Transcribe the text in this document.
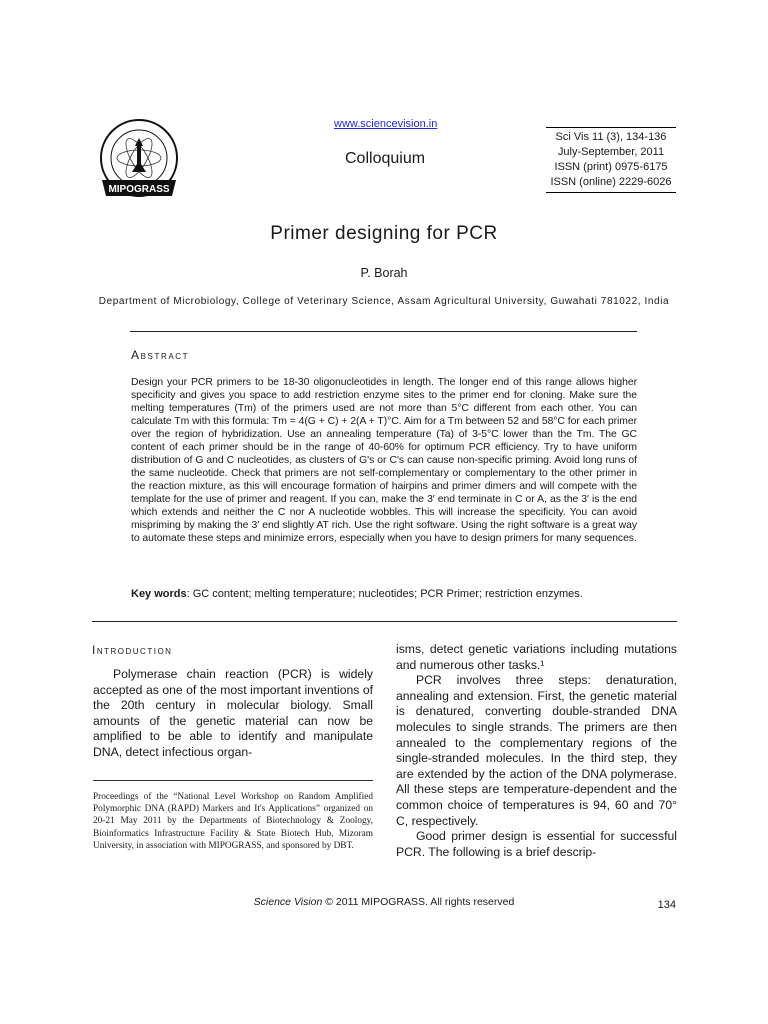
www.sciencevision.in
MIPOGRASS
Colloquium
Sci Vis 11 (3), 134-136
July-September, 2011
ISSN (print) 0975-6175
ISSN (online) 2229-6026
Primer designing for PCR
P. Borah
Department of Microbiology, College of Veterinary Science, Assam Agricultural University, Guwahati 781022, India
Abstract
Design your PCR primers to be 18-30 oligonucleotides in length. The longer end of this range allows higher specificity and gives you space to add restriction enzyme sites to the primer end for cloning. Make sure the melting temperatures (Tm) of the primers used are not more than 5°C different from each other. You can calculate Tm with this formula: Tm = 4(G + C) + 2(A + T)°C. Aim for a Tm between 52 and 58°C for each primer over the region of hybridization. Use an annealing temperature (Ta) of 3-5°C lower than the Tm. The GC content of each primer should be in the range of 40-60% for optimum PCR efficiency. Try to have uniform distribution of G and C nucleotides, as clusters of G's or C's can cause non-specific priming. Avoid long runs of the same nucleotide. Check that primers are not self-complementary or complementary to the other primer in the reaction mixture, as this will encourage formation of hairpins and primer dimers and will compete with the template for the use of primer and reagent. If you can, make the 3′ end terminate in C or A, as the 3′ is the end which extends and neither the C nor A nucleotide wobbles. This will increase the specificity. You can avoid mispriming by making the 3′ end slightly AT rich. Use the right software. Using the right software is a great way to automate these steps and minimize errors, especially when you have to design primers for many sequences.
Key words: GC content; melting temperature; nucleotides; PCR Primer; restriction enzymes.
Introduction

Polymerase chain reaction (PCR) is widely accepted as one of the most important inventions of the 20th century in molecular biology. Small amounts of the genetic material can now be amplified to be able to identify and manipulate DNA, detect infectious organ-

Proceedings of the “National Level Workshop on Random Amplified Polymorphic DNA (RAPD) Markers and It's Applications” organized on 20-21 May 2011 by the Departments of Biotechnology & Zoology, Bioinformatics Infrastructure Facility & State Biotech Hub, Mizoram University, in association with MIPOGRASS, and sponsored by DBT.

isms, detect genetic variations including mutations and numerous other tasks.¹

PCR involves three steps: denaturation, annealing and extension. First, the genetic material is denatured, converting double-stranded DNA molecules to single strands. The primers are then annealed to the complementary regions of the single-stranded molecules. In the third step, they are extended by the action of the DNA polymerase. All these steps are temperature-dependent and the common choice of temperatures is 94, 60 and 70° C, respectively.

Good primer design is essential for successful PCR. The following is a brief descrip-

Science Vision © 2011 MIPOGRASS. All rights reserved	134
